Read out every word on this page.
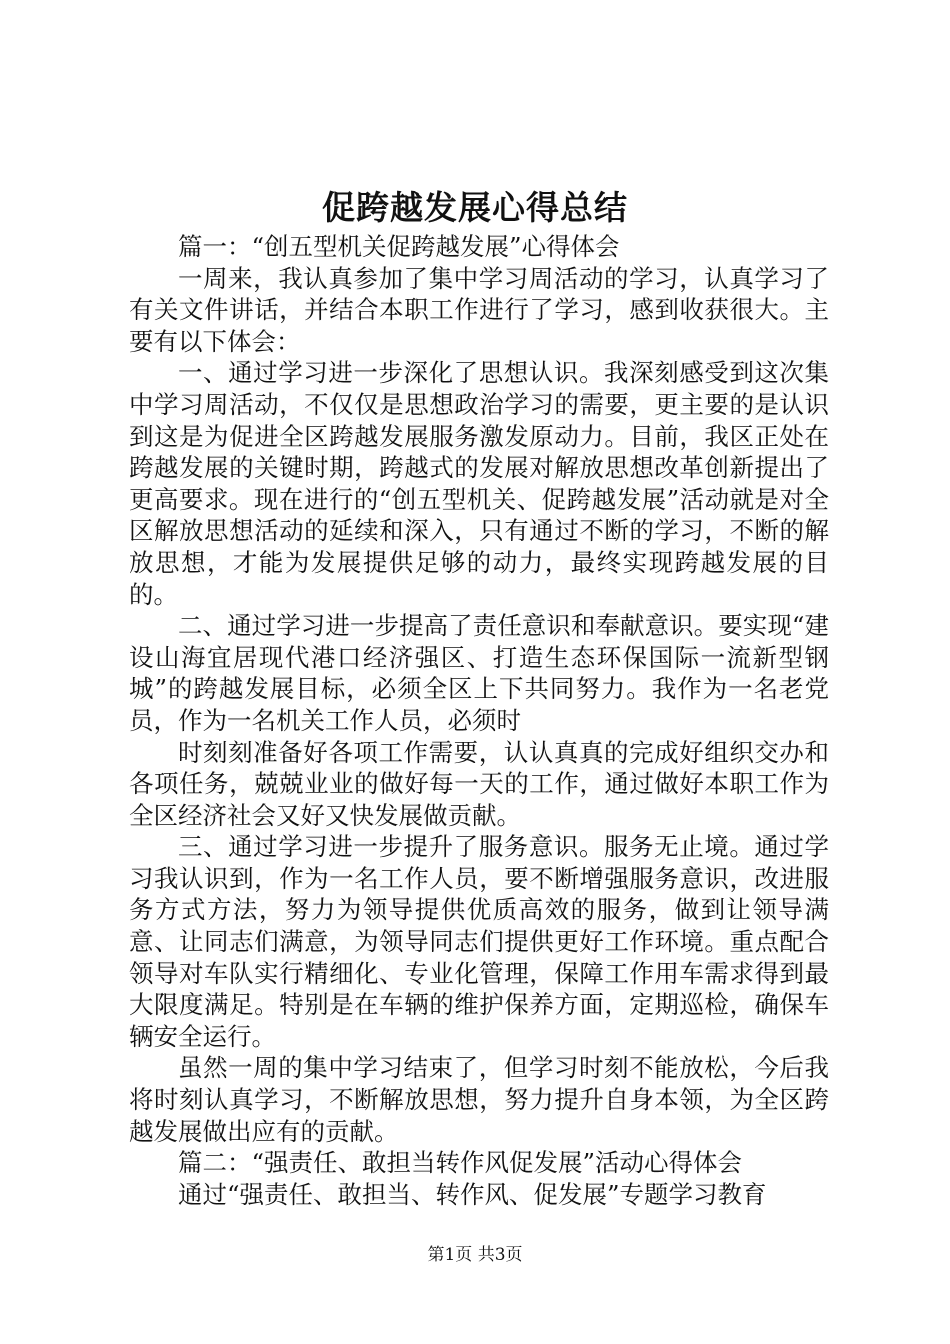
促跨越发展心得总结

篇一：“创五型机关促跨越发展”心得体会

一周来，我认真参加了集中学习周活动的学习，认真学习了有关文件讲话，并结合本职工作进行了学习，感到收获很大。主要有以下体会：

一、通过学习进一步深化了思想认识。我深刻感受到这次集中学习周活动，不仅仅是思想政治学习的需要，更主要的是认识到这是为促进全区跨越发展服务激发原动力。目前，我区正处在跨越发展的关键时期，跨越式的发展对解放思想改革创新提出了更高要求。现在进行的“创五型机关、促跨越发展”活动就是对全区解放思想活动的延续和深入，只有通过不断的学习，不断的解放思想，才能为发展提供足够的动力，最终实现跨越发展的目的。

二、通过学习进一步提高了责任意识和奉献意识。要实现“建设山海宜居现代港口经济强区、打造生态环保国际一流新型钢城”的跨越发展目标，必须全区上下共同努力。我作为一名老党员，作为一名机关工作人员，必须时

时刻刻准备好各项工作需要，认认真真的完成好组织交办和各项任务，兢兢业业的做好每一天的工作，通过做好本职工作为全区经济社会又好又快发展做贡献。

三、通过学习进一步提升了服务意识。服务无止境。通过学习我认识到，作为一名工作人员，要不断增强服务意识，改进服务方式方法，努力为领导提供优质高效的服务，做到让领导满意、让同志们满意，为领导同志们提供更好工作环境。重点配合领导对车队实行精细化、专业化管理，保障工作用车需求得到最大限度满足。特别是在车辆的维护保养方面，定期巡检，确保车辆安全运行。

虽然一周的集中学习结束了，但学习时刻不能放松，今后我将时刻认真学习，不断解放思想，努力提升自身本领，为全区跨越发展做出应有的贡献。

篇二：“强责任、敢担当转作风促发展”活动心得体会

通过“强责任、敢担当、转作风、促发展”专题学习教育

第1页 共3页
